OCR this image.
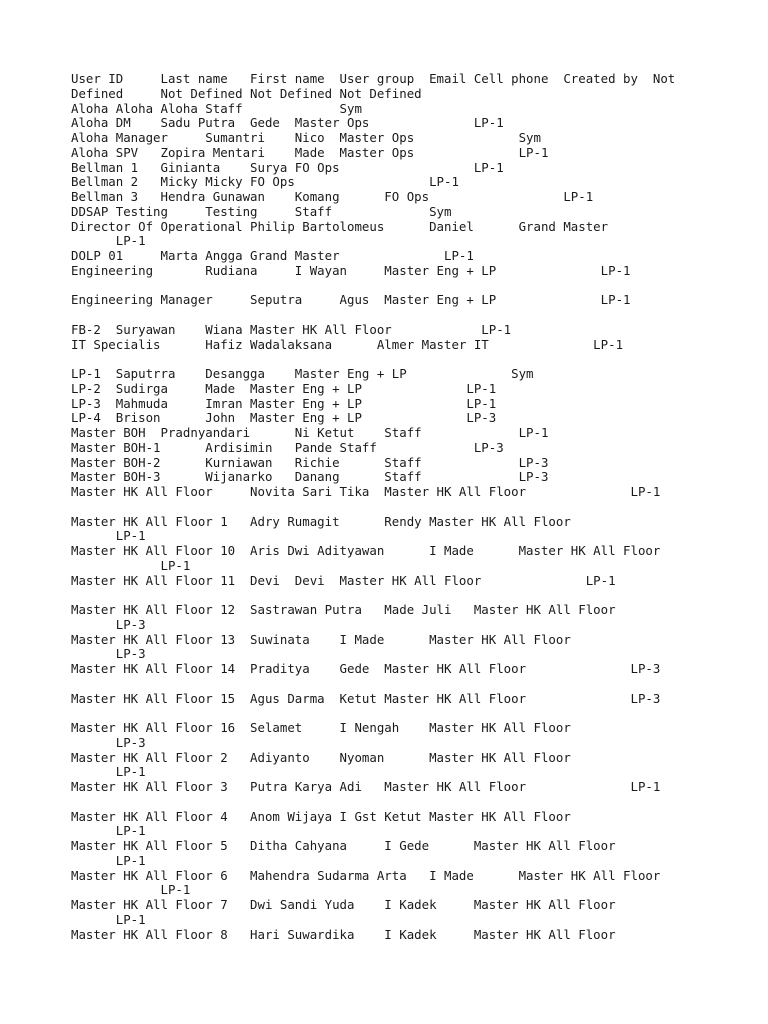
User ID     Last name   First name  User group  Email Cell phone  Created by  Not
Defined     Not Defined Not Defined Not Defined
Aloha Aloha Aloha Staff             Sym
Aloha DM    Sadu Putra  Gede  Master Ops              LP-1
Aloha Manager     Sumantri    Nico  Master Ops              Sym
Aloha SPV   Zopira Mentari    Made  Master Ops              LP-1
Bellman 1   Ginianta    Surya FO Ops                  LP-1
Bellman 2   Micky Micky FO Ops                  LP-1
Bellman 3   Hendra Gunawan    Komang      FO Ops                  LP-1
DDSAP Testing     Testing     Staff             Sym
Director Of Operational Philip Bartolomeus      Daniel      Grand Master
LP-1
DOLP 01     Marta Angga Grand Master              LP-1
Engineering       Rudiana     I Wayan     Master Eng + LP              LP-1
Engineering Manager     Seputra     Agus  Master Eng + LP              LP-1
FB-2  Suryawan    Wiana Master HK All Floor            LP-1
IT Specialis      Hafiz Wadalaksana      Almer Master IT              LP-1
LP-1  Saputrra    Desangga    Master Eng + LP              Sym
LP-2  Sudirga     Made  Master Eng + LP              LP-1
LP-3  Mahmuda     Imran Master Eng + LP              LP-1
LP-4  Brison      John  Master Eng + LP              LP-3
Master BOH  Pradnyandari      Ni Ketut    Staff             LP-1
Master BOH-1      Ardisimin   Pande Staff             LP-3
Master BOH-2      Kurniawan   Richie      Staff             LP-3
Master BOH-3      Wijanarko   Danang      Staff             LP-3
Master HK All Floor     Novita Sari Tika  Master HK All Floor              LP-1
Master HK All Floor 1   Adry Rumagit      Rendy Master HK All Floor
LP-1
Master HK All Floor 10  Aris Dwi Adityawan      I Made      Master HK All Floor
LP-1
Master HK All Floor 11  Devi  Devi  Master HK All Floor              LP-1
Master HK All Floor 12  Sastrawan Putra   Made Juli   Master HK All Floor
LP-3
Master HK All Floor 13  Suwinata    I Made      Master HK All Floor
LP-3
Master HK All Floor 14  Praditya    Gede  Master HK All Floor              LP-3
Master HK All Floor 15  Agus Darma  Ketut Master HK All Floor              LP-3
Master HK All Floor 16  Selamet     I Nengah    Master HK All Floor
LP-3
Master HK All Floor 2   Adiyanto    Nyoman      Master HK All Floor
LP-1
Master HK All Floor 3   Putra Karya Adi   Master HK All Floor              LP-1
Master HK All Floor 4   Anom Wijaya I Gst Ketut Master HK All Floor
LP-1
Master HK All Floor 5   Ditha Cahyana     I Gede      Master HK All Floor
LP-1
Master HK All Floor 6   Mahendra Sudarma Arta   I Made      Master HK All Floor
LP-1
Master HK All Floor 7   Dwi Sandi Yuda    I Kadek     Master HK All Floor
LP-1
Master HK All Floor 8   Hari Suwardika    I Kadek     Master HK All Floor
